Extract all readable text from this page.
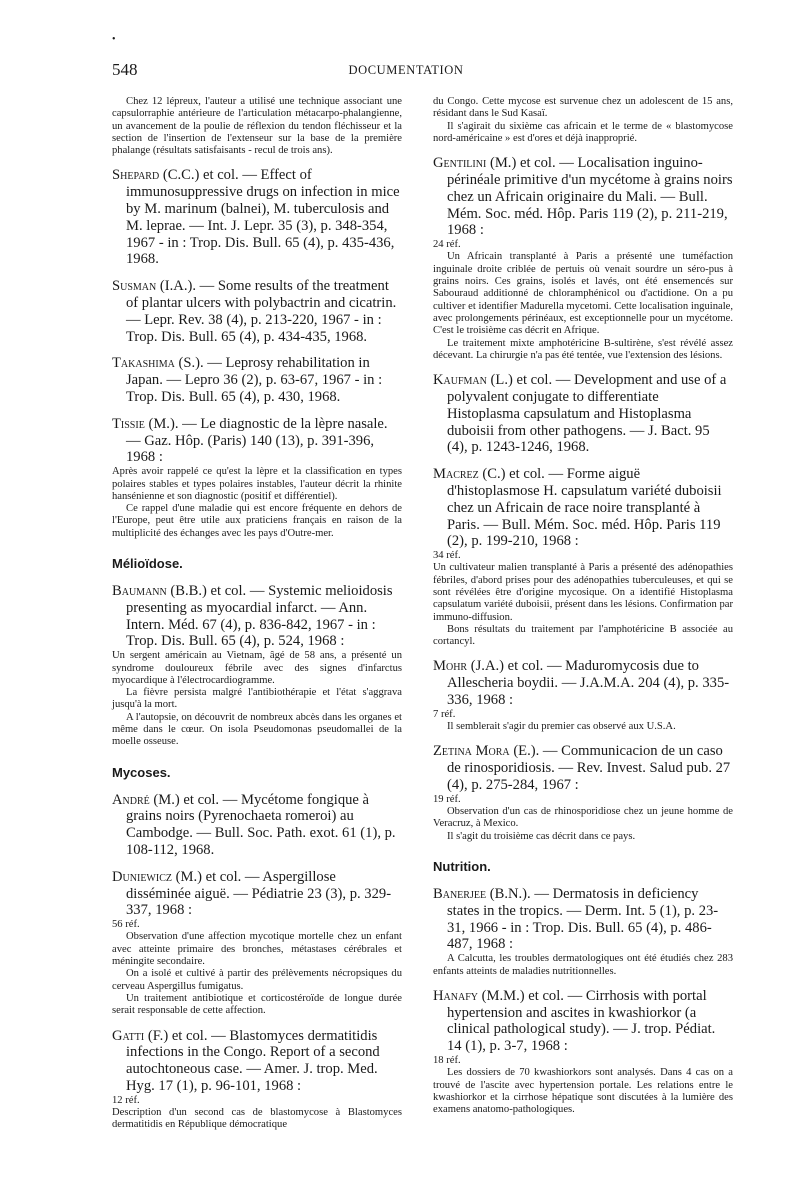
•
548	DOCUMENTATION

Chez 12 lépreux, l'auteur a utilisé une technique associant une capsulorraphie antérieure de l'articulation métacarpo-phalangienne, un avancement de la poulie de réflexion du tendon fléchisseur et la section de l'insertion de l'extenseur sur la base de la première phalange (résultats satisfaisants - recul de trois ans).

Shepard (C.C.) et col. — Effect of immunosuppressive drugs on infection in mice by M. marinum (balnei), M. tuberculosis and M. leprae. — Int. J. Lepr. 35 (3), p. 348-354, 1967 - in : Trop. Dis. Bull. 65 (4), p. 435-436, 1968.

Susman (I.A.). — Some results of the treatment of plantar ulcers with polybactrin and cicatrin. — Lepr. Rev. 38 (4), p. 213-220, 1967 - in : Trop. Dis. Bull. 65 (4), p. 434-435, 1968.

Takashima (S.). — Leprosy rehabilitation in Japan. — Lepro 36 (2), p. 63-67, 1967 - in : Trop. Dis. Bull. 65 (4), p. 430, 1968.

Tissie (M.). — Le diagnostic de la lèpre nasale. — Gaz. Hôp. (Paris) 140 (13), p. 391-396, 1968 :

Après avoir rappelé ce qu'est la lèpre et la classification en types polaires stables et types polaires instables, l'auteur décrit la rhinite hansénienne et son diagnostic (positif et différentiel).

Ce rappel d'une maladie qui est encore fréquente en dehors de l'Europe, peut être utile aux praticiens français en raison de la multiplicité des échanges avec les pays d'Outre-mer.

Mélioïdose.

Baumann (B.B.) et col. — Systemic melioidosis presenting as myocardial infarct. — Ann. Intern. Méd. 67 (4), p. 836-842, 1967 - in : Trop. Dis. Bull. 65 (4), p. 524, 1968 :

Un sergent américain au Vietnam, âgé de 58 ans, a présenté un syndrome douloureux fébrile avec des signes d'infarctus myocardique à l'électrocardiogramme.

La fièvre persista malgré l'antibiothérapie et l'état s'aggrava jusqu'à la mort.

A l'autopsie, on découvrit de nombreux abcès dans les organes et même dans le cœur. On isola Pseudomonas pseudomallei de la moelle osseuse.

Mycoses.

André (M.) et col. — Mycétome fongique à grains noirs (Pyrenochaeta romeroi) au Cambodge. — Bull. Soc. Path. exot. 61 (1), p. 108-112, 1968.

Duniewicz (M.) et col. — Aspergillose disséminée aiguë. — Pédiatrie 23 (3), p. 329-337, 1968 :

56 réf.

Observation d'une affection mycotique mortelle chez un enfant avec atteinte primaire des bronches, métastases cérébrales et méningite secondaire.

On a isolé et cultivé à partir des prélèvements nécropsiques du cerveau Aspergillus fumigatus.

Un traitement antibiotique et corticostéroïde de longue durée serait responsable de cette affection.

Gatti (F.) et col. — Blastomyces dermatitidis infections in the Congo. Report of a second autochtoneous case. — Amer. J. trop. Med. Hyg. 17 (1), p. 96-101, 1968 :

12 réf.

Description d'un second cas de blastomycose à Blastomyces dermatitidis en République démocratique

du Congo. Cette mycose est survenue chez un adolescent de 15 ans, résidant dans le Sud Kasaï.

Il s'agirait du sixième cas africain et le terme de « blastomycose nord-américaine » est d'ores et déjà inapproprié.

Gentilini (M.) et col. — Localisation inguino-périnéale primitive d'un mycétome à grains noirs chez un Africain originaire du Mali. — Bull. Mém. Soc. méd. Hôp. Paris 119 (2), p. 211-219, 1968 :

24 réf.

Un Africain transplanté à Paris a présenté une tuméfaction inguinale droite criblée de pertuis où venait sourdre un séro-pus à grains noirs. Ces grains, isolés et lavés, ont été ensemencés sur Sabouraud additionné de chloramphénicol ou d'actidione. On a pu cultiver et identifier Madurella mycetomi. Cette localisation inguinale, avec prolongements périnéaux, est exceptionnelle pour un mycétome. C'est le troisième cas décrit en Afrique.

Le traitement mixte amphotéricine B-sultirène, s'est révélé assez décevant. La chirurgie n'a pas été tentée, vue l'extension des lésions.

Kaufman (L.) et col. — Development and use of a polyvalent conjugate to differentiate Histoplasma capsulatum and Histoplasma duboisii from other pathogens. — J. Bact. 95 (4), p. 1243-1246, 1968.

Macrez (C.) et col. — Forme aiguë d'histoplasmose H. capsulatum variété duboisii chez un Africain de race noire transplanté à Paris. — Bull. Mém. Soc. méd. Hôp. Paris 119 (2), p. 199-210, 1968 :

34 réf.

Un cultivateur malien transplanté à Paris a présenté des adénopathies fébriles, d'abord prises pour des adénopathies tuberculeuses, et qui se sont révélées être d'origine mycosique. On a identifié Histoplasma capsulatum variété duboisii, présent dans les lésions. Confirmation par immuno-diffusion.

Bons résultats du traitement par l'amphotéricine B associée au cortancyl.

Mohr (J.A.) et col. — Maduromycosis due to Allescheria boydii. — J.A.M.A. 204 (4), p. 335-336, 1968 :

7 réf.

Il semblerait s'agir du premier cas observé aux U.S.A.

Zetina Mora (E.). — Communicacion de un caso de rinosporidiosis. — Rev. Invest. Salud pub. 27 (4), p. 275-284, 1967 :

19 réf.

Observation d'un cas de rhinosporidiose chez un jeune homme de Veracruz, à Mexico.

Il s'agit du troisième cas décrit dans ce pays.

Nutrition.

Banerjee (B.N.). — Dermatosis in deficiency states in the tropics. — Derm. Int. 5 (1), p. 23-31, 1966 - in : Trop. Dis. Bull. 65 (4), p. 486-487, 1968 :

A Calcutta, les troubles dermatologiques ont été étudiés chez 283 enfants atteints de maladies nutritionnelles.

Hanafy (M.M.) et col. — Cirrhosis with portal hypertension and ascites in kwashiorkor (a clinical pathological study). — J. trop. Pédiat. 14 (1), p. 3-7, 1968 :

18 réf.

Les dossiers de 70 kwashiorkors sont analysés. Dans 4 cas on a trouvé de l'ascite avec hypertension portale. Les relations entre le kwashiorkor et la cirrhose hépatique sont discutées à la lumière des examens anatomo-pathologiques.
